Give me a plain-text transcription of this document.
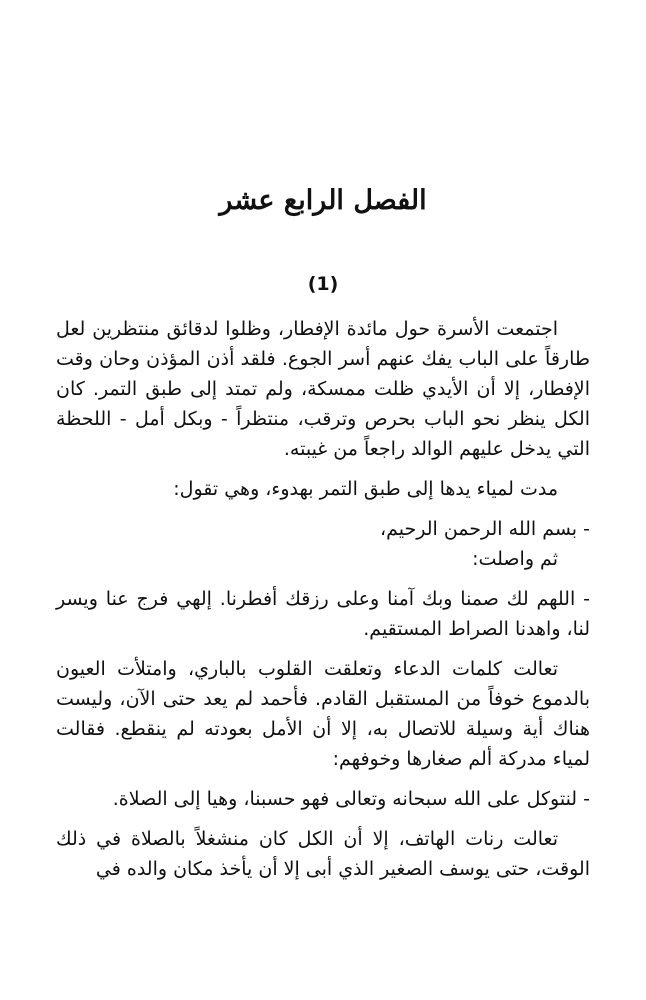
الفصل الرابع عشر
(1)

اجتمعت الأسرة حول مائدة الإفطار، وظلوا لدقائق منتظرين لعل طارقاً على الباب يفك عنهم أسر الجوع. فلقد أذن المؤذن وحان وقت الإفطار، إلا أن الأيدي ظلت ممسكة، ولم تمتد إلى طبق التمر. كان الكل ينظر نحو الباب بحرص وترقب، منتظراً - وبكل أمل - اللحظة التي يدخل عليهم الوالد راجعاً من غيبته.

مدت لمياء يدها إلى طبق التمر بهدوء، وهي تقول:

- بسم الله الرحمن الرحيم،

ثم واصلت:

- اللهم لك صمنا وبك آمنا وعلى رزقك أفطرنا. إلهي فرج عنا ويسر لنا، واهدنا الصراط المستقيم.

تعالت كلمات الدعاء وتعلقت القلوب بالباري، وامتلأت العيون بالدموع خوفاً من المستقبل القادم. فأحمد لم يعد حتى الآن، وليست هناك أية وسيلة للاتصال به، إلا أن الأمل بعودته لم ينقطع. فقالت لمياء مدركة ألم صغارها وخوفهم:

- لنتوكل على الله سبحانه وتعالى فهو حسبنا، وهيا إلى الصلاة.

تعالت رنات الهاتف، إلا أن الكل كان منشغلاً بالصلاة في ذلك الوقت، حتى يوسف الصغير الذي أبى إلا أن يأخذ مكان والده في
